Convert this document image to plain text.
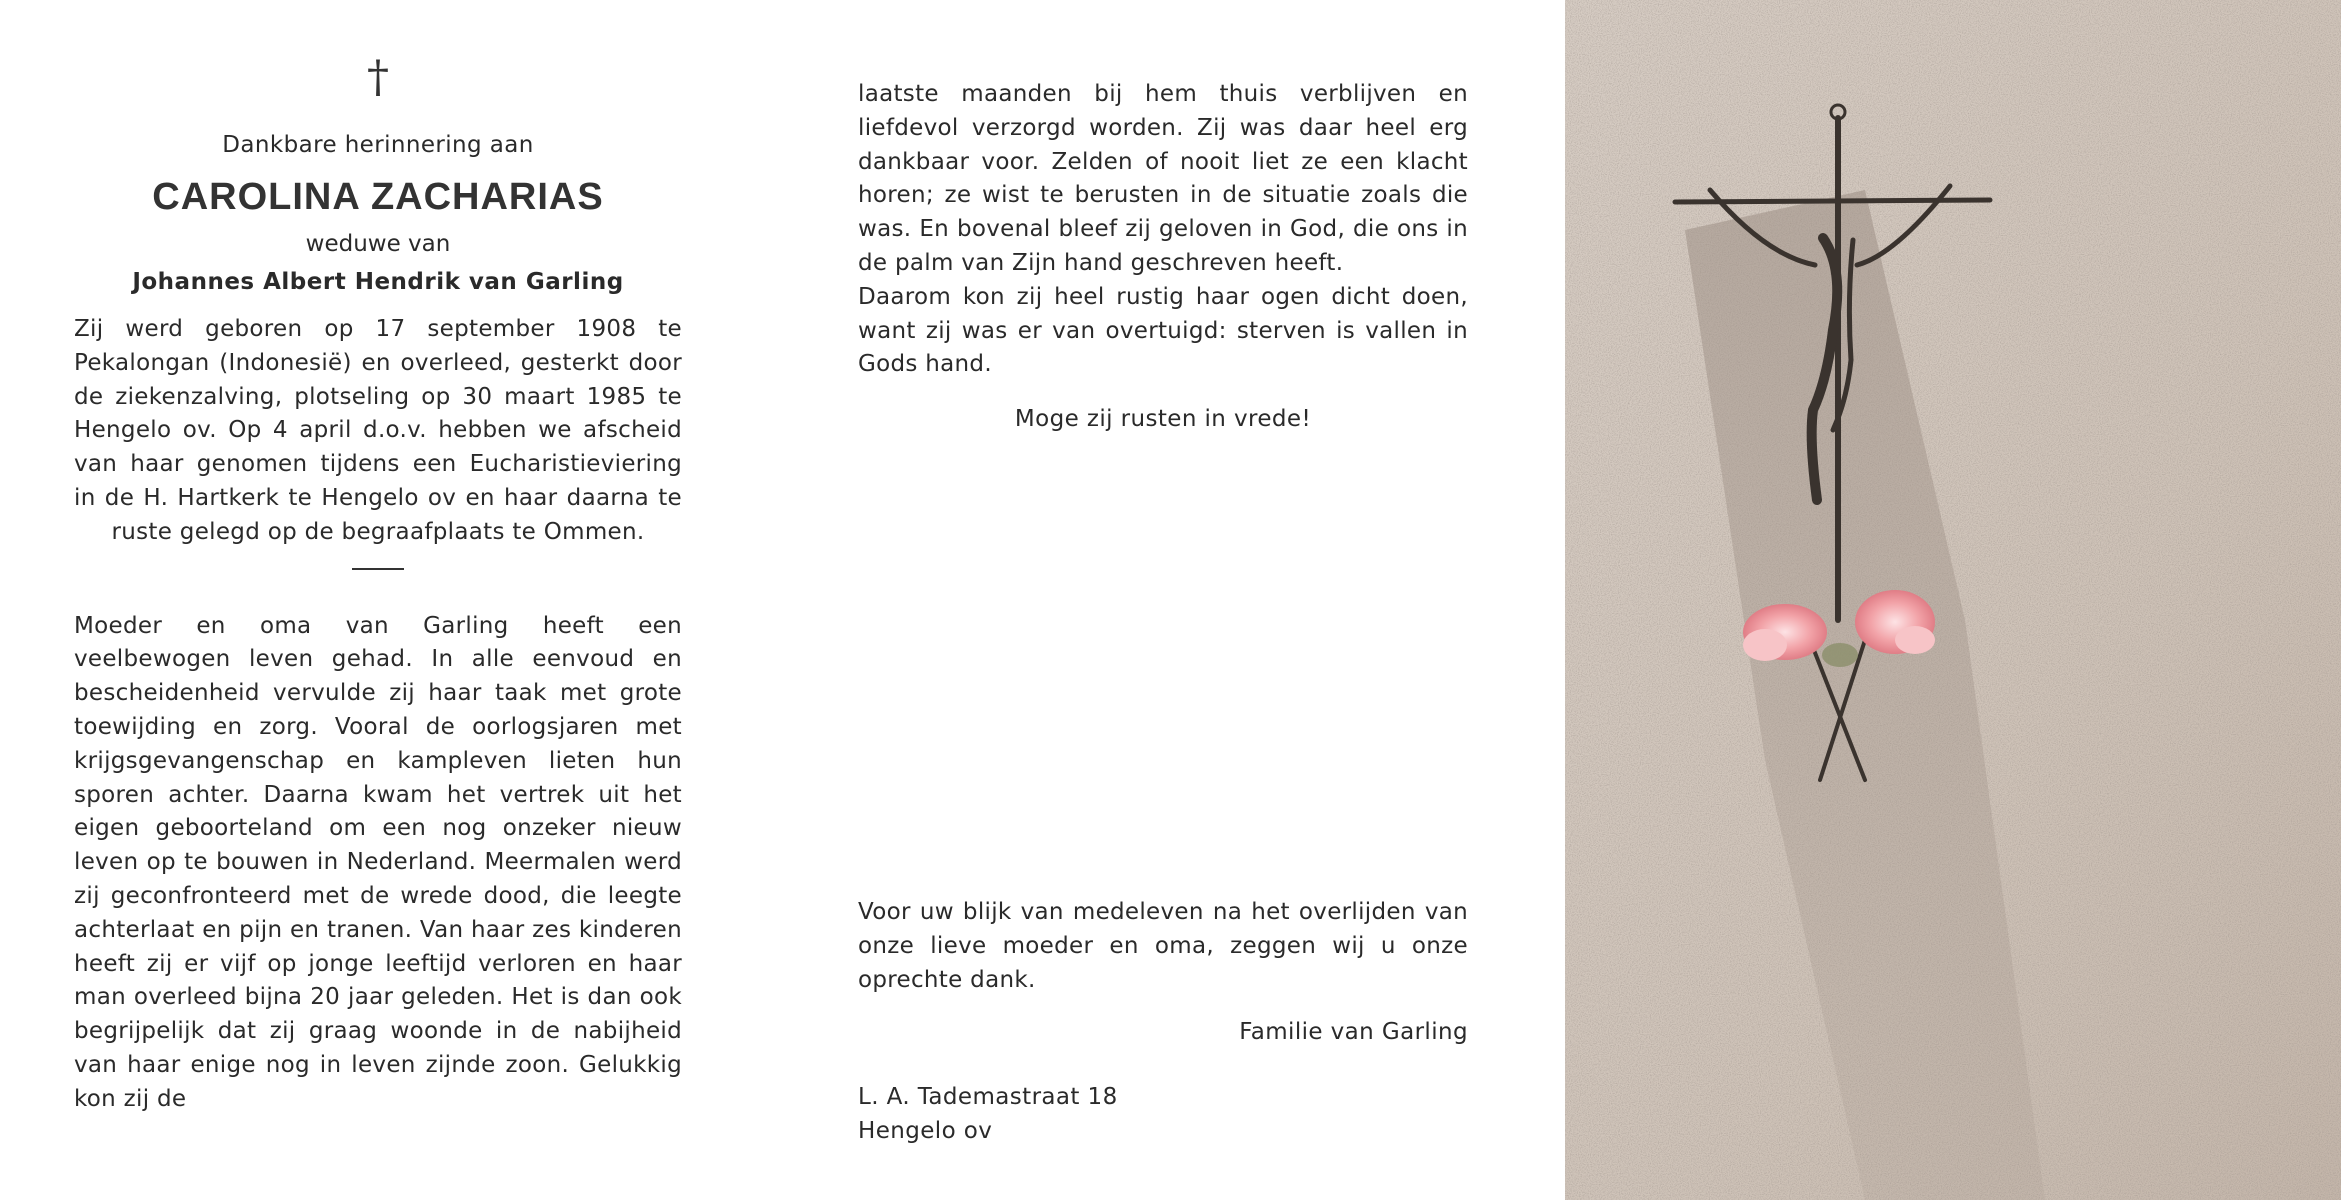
†
Dankbare herinnering aan
CAROLINA ZACHARIAS
weduwe van
Johannes Albert Hendrik van Garling

Zij werd geboren op 17 september 1908 te Pekalongan (Indonesië) en overleed, gesterkt door de ziekenzalving, plotseling op 30 maart 1985 te Hengelo ov. Op 4 april d.o.v. hebben we afscheid van haar genomen tijdens een Eucharistieviering in de H. Hartkerk te Hengelo ov en haar daarna te ruste gelegd op de begraafplaats te Ommen.

Moeder en oma van Garling heeft een veelbewogen leven gehad. In alle eenvoud en bescheidenheid vervulde zij haar taak met grote toewijding en zorg. Vooral de oorlogsjaren met krijgsgevangenschap en kampleven lieten hun sporen achter. Daarna kwam het vertrek uit het eigen geboorteland om een nog onzeker nieuw leven op te bouwen in Nederland. Meermalen werd zij geconfronteerd met de wrede dood, die leegte achterlaat en pijn en tranen. Van haar zes kinderen heeft zij er vijf op jonge leeftijd verloren en haar man overleed bijna 20 jaar geleden. Het is dan ook begrijpelijk dat zij graag woonde in de nabijheid van haar enige nog in leven zijnde zoon. Gelukkig kon zij de

laatste maanden bij hem thuis verblijven en liefdevol verzorgd worden. Zij was daar heel erg dankbaar voor. Zelden of nooit liet ze een klacht horen; ze wist te berusten in de situatie zoals die was. En bovenal bleef zij geloven in God, die ons in de palm van Zijn hand geschreven heeft.

Daarom kon zij heel rustig haar ogen dicht doen, want zij was er van overtuigd: sterven is vallen in Gods hand.

Moge zij rusten in vrede!

Voor uw blijk van medeleven na het overlijden van onze lieve moeder en oma, zeggen wij u onze oprechte dank.

Familie van Garling
L. A. Tademastraat 18
Hengelo ov
